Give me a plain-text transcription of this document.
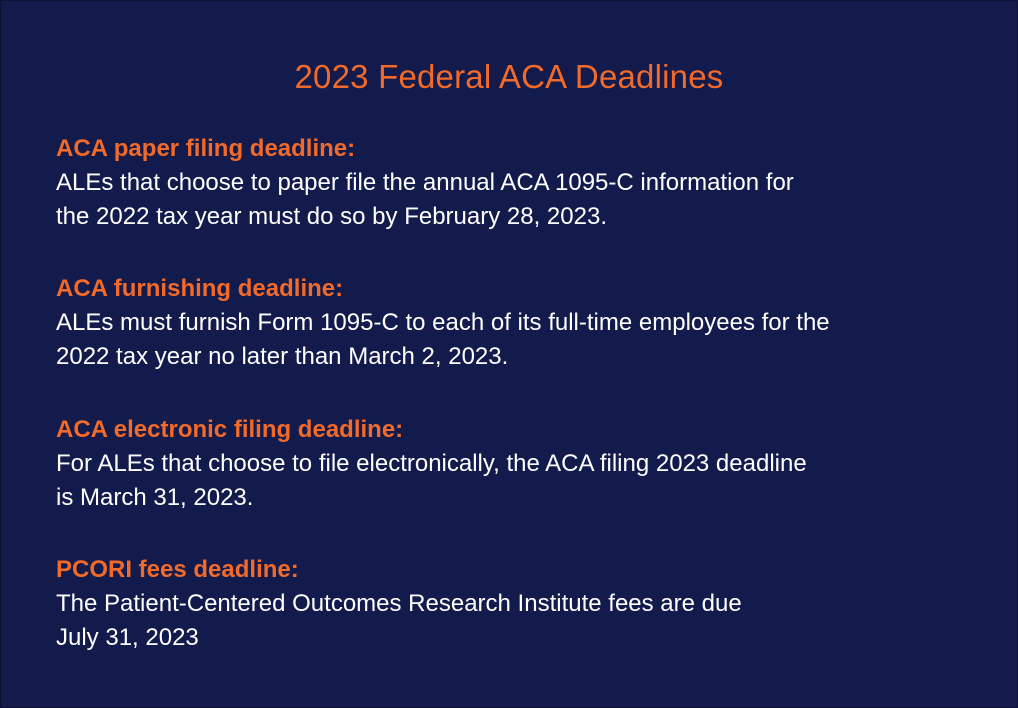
2023 Federal ACA Deadlines

ACA paper filing deadline:

ALEs that choose to paper file the annual ACA 1095-C information for
the 2022 tax year must do so by February 28, 2023.

ACA furnishing deadline:

ALEs must furnish Form 1095-C to each of its full-time employees for the
2022 tax year no later than March 2, 2023.

ACA electronic filing deadline:

For ALEs that choose to file electronically, the ACA filing 2023 deadline
is March 31, 2023.

PCORI fees deadline:

The Patient-Centered Outcomes Research Institute fees are due
July 31, 2023
